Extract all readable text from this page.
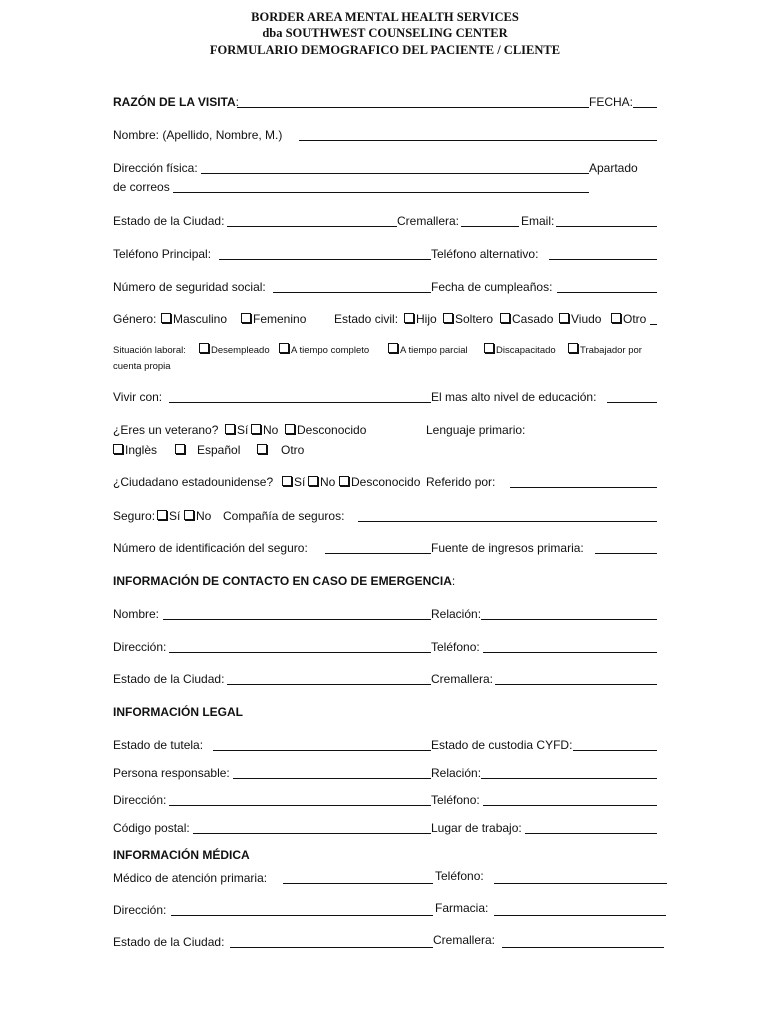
BORDER AREA MENTAL HEALTH SERVICES
dba SOUTHWEST COUNSELING CENTER
FORMULARIO DEMOGRAFICO DEL PACIENTE / CLIENTE
RAZÓN DE LA VISITA:	FECHA:
Nombre: (Apellido, Nombre, M.)
Dirección física:	Apartado
de correos
Estado de la Ciudad:	Cremallera:	Email:
Teléfono Principal:	Teléfono alternativo:
Número de seguridad social:	Fecha de cumpleaños:
Género:	Masculino	Femenino Estado civil:	Hijo	Soltero	Casado	Viudo	Otro
Situación laboral:	Desempleado	A tiempo completo	A tiempo parcial	Discapacitado	Trabajador por
cuenta propia
Vivir con:	El mas alto nivel de educación:
¿Eres un veterano?	Sí	No	Desconocido	Lenguaje primario:
Inglès	Español	Otro
¿Ciudadano estadounidense?	Sí	No	Desconocido Referido por:
Seguro:	Sí	No Compañía de seguros:
Número de identificación del seguro:	Fuente de ingresos primaria:
INFORMACIÓN DE CONTACTO EN CASO DE EMERGENCIA:
Nombre:	Relación:
Dirección:	Teléfono:
Estado de la Ciudad:	Cremallera:
INFORMACIÓN LEGAL
Estado de tutela:	Estado de custodia CYFD:
Persona responsable:	Relación:
Dirección:	Teléfono:
Código postal:	Lugar de trabajo:
INFORMACIÓN MÉDICA
Médico de atención primaria:	Teléfono:
Dirección:	Farmacia:
Estado de la Ciudad:	Cremallera:
